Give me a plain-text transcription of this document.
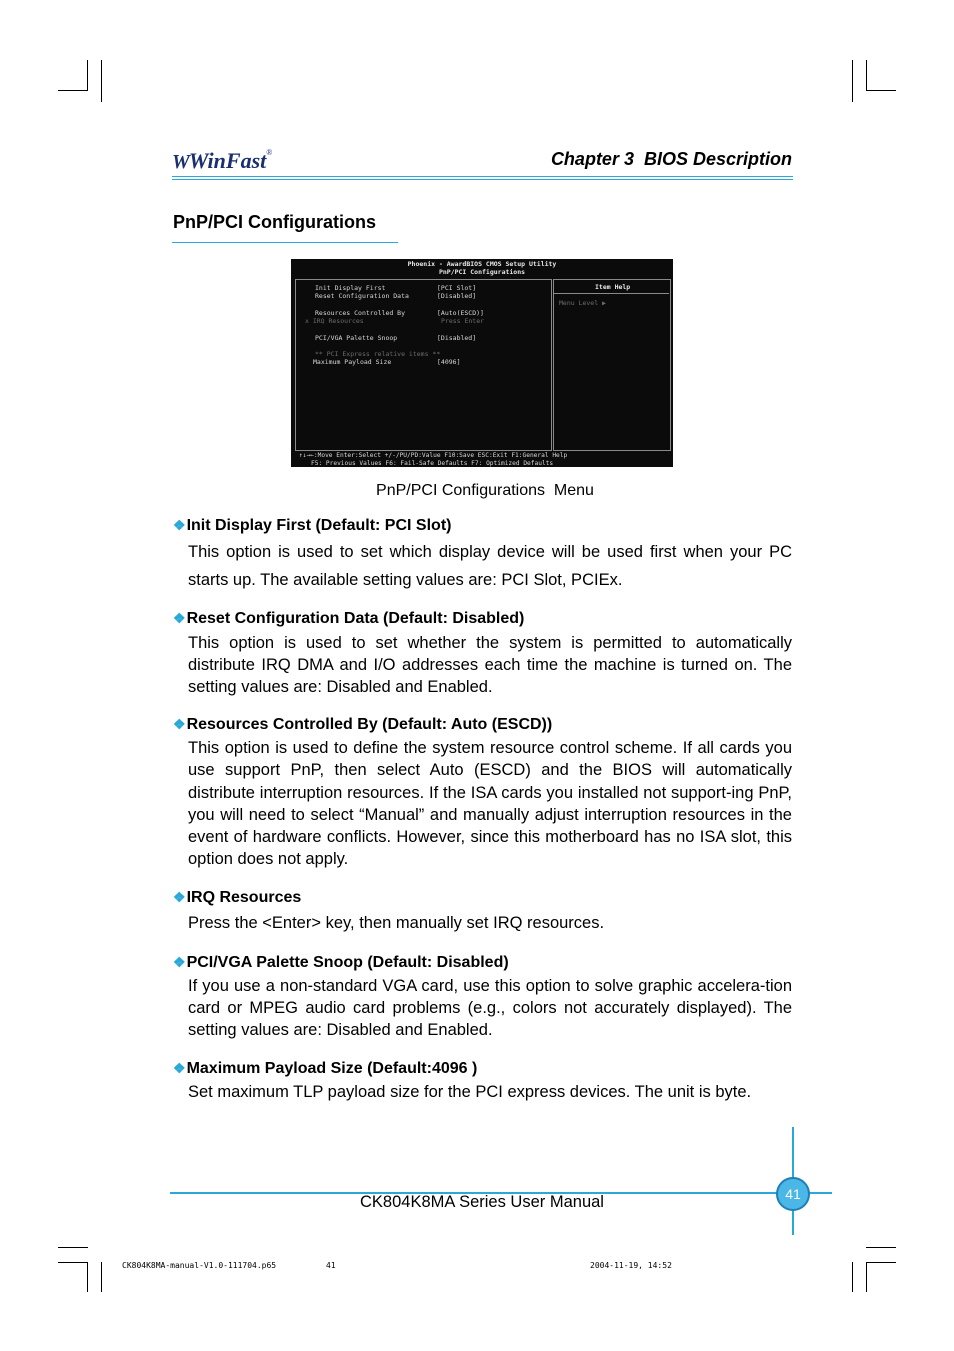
WWinFast®	Chapter 3 BIOS Description
PnP/PCI Configurations
Phoenix - AwardBIOS CMOS Setup Utility
PnP/PCI Configurations
Item Help
Menu Level ▶
Init Display First	[PCI Slot]
Reset Configuration Data	[Disabled]
Resources Controlled By	[Auto(ESCD)]
x IRQ Resources	Press Enter
PCI/VGA Palette Snoop	[Disabled]
** PCI Express relative items **
Maximum Payload Size	[4096]
↑↓→←:Move Enter:Select +/-/PU/PD:Value F10:Save ESC:Exit F1:General Help
F5: Previous Values F6: Fail-Safe Defaults F7: Optimized Defaults
PnP/PCI Configurations  Menu
❖Init Display First (Default: PCI Slot)
This option is used to set which display device will be used first when your PC starts up. The available setting values are: PCI Slot, PCIEx.
❖Reset Configuration Data (Default: Disabled)
This option is used to set whether the system is permitted to automatically distribute IRQ DMA and I/O addresses each time the machine is turned on. The setting values are: Disabled and Enabled.
❖Resources Controlled By (Default: Auto (ESCD))
This option is used to define the system resource control scheme. If all cards you use support PnP, then select Auto (ESCD) and the BIOS will automatically distribute interruption resources. If the ISA cards you installed not support-ing PnP, you will need to select “Manual” and manually adjust interruption resources in the event of hardware conflicts. However, since this motherboard has no ISA slot, this option does not apply.
❖IRQ Resources
Press the <Enter> key, then manually set IRQ resources.
❖PCI/VGA Palette Snoop (Default: Disabled)
If you use a non-standard VGA card, use this option to solve graphic accelera-tion card or MPEG audio card problems (e.g., colors not accurately displayed). The setting values are: Disabled and Enabled.
❖Maximum Payload Size (Default:4096 )
Set maximum TLP payload size for the PCI express devices. The unit is byte.
41
CK804K8MA Series User Manual
CK804K8MA-manual-V1.0-111704.p65	41	2004-11-19, 14:52
